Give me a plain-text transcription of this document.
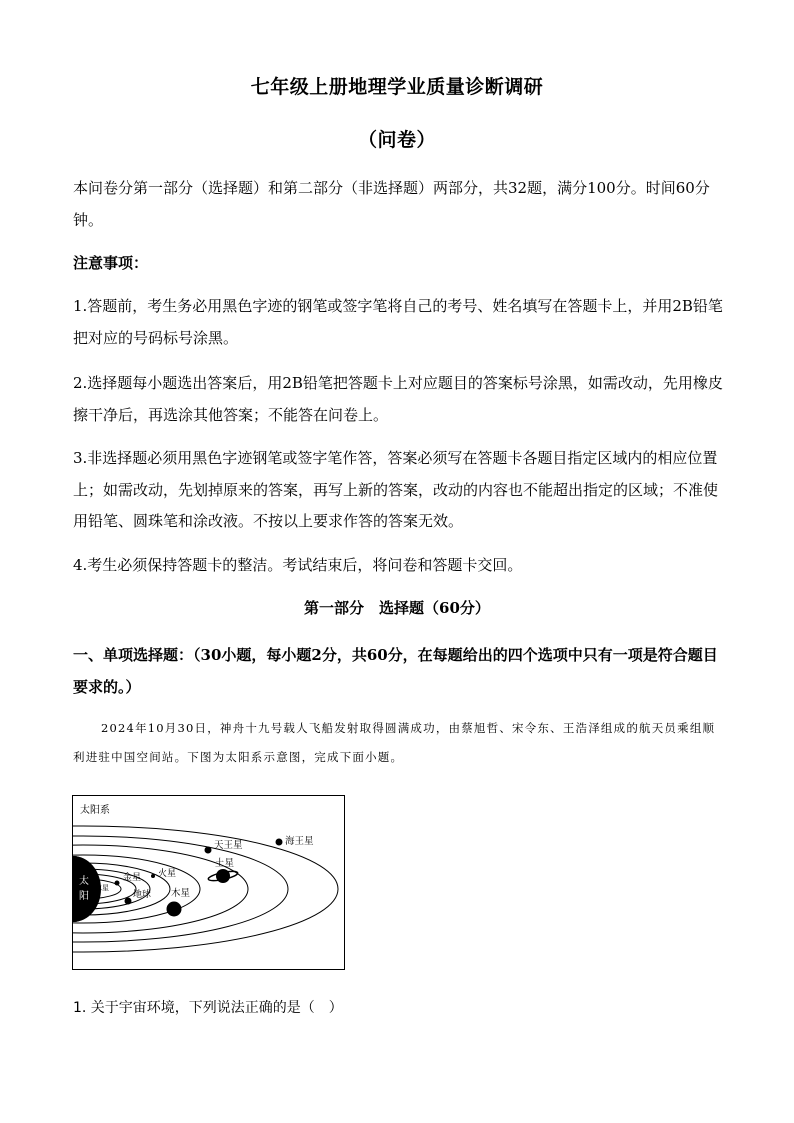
七年级上册地理学业质量诊断调研
（问卷）
本问卷分第一部分（选择题）和第二部分（非选择题）两部分，共32题，满分100分。时间60分钟。
注意事项：
1.答题前，考生务必用黑色字迹的钢笔或签字笔将自己的考号、姓名填写在答题卡上，并用2B铅笔把对应的号码标号涂黑。
2.选择题每小题选出答案后，用2B铅笔把答题卡上对应题目的答案标号涂黑，如需改动，先用橡皮擦干净后，再选涂其他答案；不能答在问卷上。
3.非选择题必须用黑色字迹钢笔或签字笔作答，答案必须写在答题卡各题目指定区域内的相应位置上；如需改动，先划掉原来的答案，再写上新的答案，改动的内容也不能超出指定的区域；不准使用铅笔、圆珠笔和涂改液。不按以上要求作答的答案无效。
4.考生必须保持答题卡的整洁。考试结束后，将问卷和答题卡交回。
第一部分　选择题（60分）
一、单项选择题：（30小题，每小题2分，共60分，在每题给出的四个选项中只有一项是符合题目要求的。）
2024年10月30日，神舟十九号载人飞船发射取得圆满成功，由蔡旭哲、宋令东、王浩泽组成的航天员乘组顺利进驻中国空间站。下图为太阳系示意图，完成下面小题。
太阳系
太
阳
水星
金星
地球
火星
木星
土星
天王星	海王星
1. 关于宇宙环境，下列说法正确的是（　）
